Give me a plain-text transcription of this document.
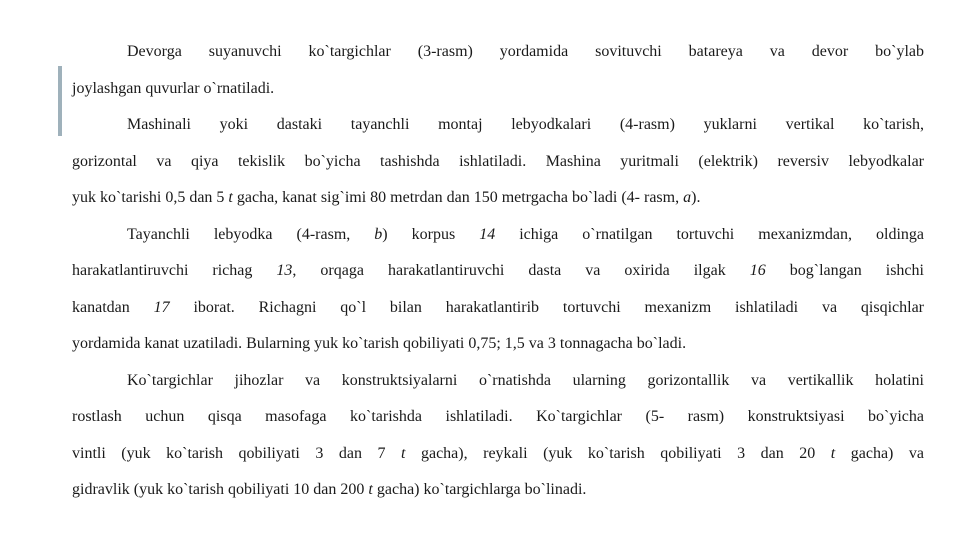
Devorga suyanuvchi ko`targichlar (3-rasm) yordamida sovituvchi batareya va devor bo`ylab
joylashgan quvurlar o`rnatiladi.
Mashinali yoki dastaki tayanchli montaj lebyodkalari (4-rasm) yuklarni vertikal ko`tarish,
gorizontal va qiya tekislik bo`yicha tashishda ishlatiladi. Mashina yuritmali (elektrik) reversiv lebyodkalar
yuk ko`tarishi 0,5 dan 5 t gacha, kanat sig`imi 80 metrdan dan 150 metrgacha bo`ladi (4- rasm, a).
Tayanchli lebyodka (4-rasm, b) korpus 14 ichiga o`rnatilgan tortuvchi mexanizmdan, oldinga
harakatlantiruvchi richag 13, orqaga harakatlantiruvchi dasta va oxirida ilgak 16 bog`langan ishchi
kanatdan 17 iborat. Richagni qo`l bilan harakatlantirib tortuvchi mexanizm ishlatiladi va qisqichlar
yordamida kanat uzatiladi. Bularning yuk ko`tarish qobiliyati 0,75; 1,5 va 3 tonnagacha bo`ladi.
Ko`targichlar jihozlar va konstruktsiyalarni o`rnatishda ularning gorizontallik va vertikallik holatini
rostlash uchun qisqa masofaga ko`tarishda ishlatiladi. Ko`targichlar (5- rasm) konstruktsiyasi bo`yicha
vintli (yuk ko`tarish qobiliyati 3 dan 7 t gacha), reykali (yuk ko`tarish qobiliyati 3 dan 20 t gacha) va
gidravlik (yuk ko`tarish qobiliyati 10 dan 200 t gacha) ko`targichlarga bo`linadi.
